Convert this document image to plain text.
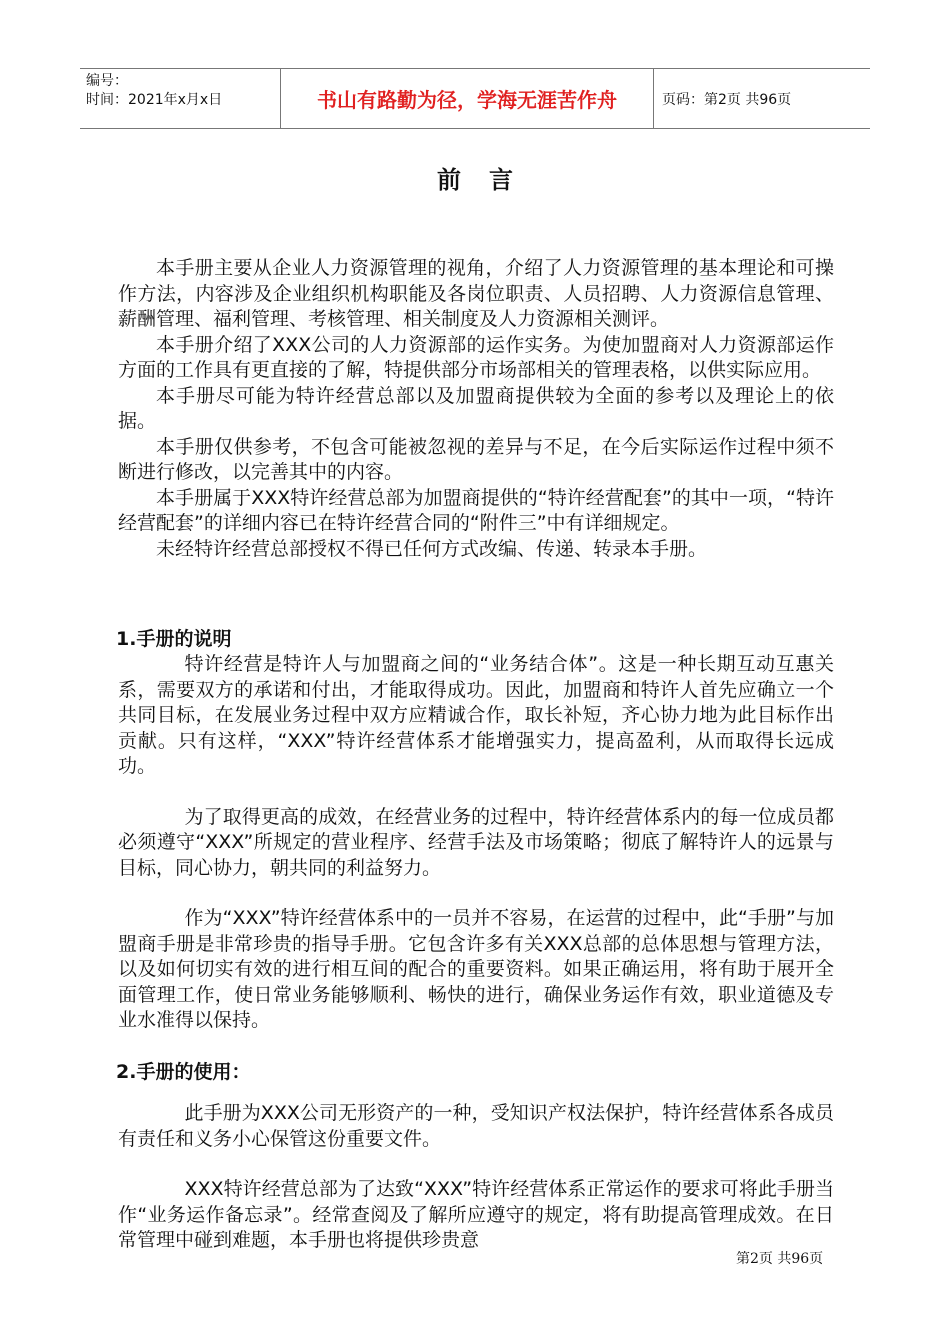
编号：
时间：2021年x月x日	书山有路勤为径，学海无涯苦作舟	页码：第2页 共96页
前言

本手册主要从企业人力资源管理的视角，介绍了人力资源管理的基本理论和可操作方法，内容涉及企业组织机构职能及各岗位职责、人员招聘、人力资源信息管理、薪酬管理、福利管理、考核管理、相关制度及人力资源相关测评。

本手册介绍了XXX公司的人力资源部的运作实务。为使加盟商对人力资源部运作方面的工作具有更直接的了解，特提供部分市场部相关的管理表格，以供实际应用。

本手册尽可能为特许经营总部以及加盟商提供较为全面的参考以及理论上的依据。

本手册仅供参考，不包含可能被忽视的差异与不足，在今后实际运作过程中须不断进行修改，以完善其中的内容。

本手册属于XXX特许经营总部为加盟商提供的“特许经营配套”的其中一项，“特许经营配套”的详细内容已在特许经营合同的“附件三”中有详细规定。

未经特许经营总部授权不得已任何方式改编、传递、转录本手册。

1.手册的说明

特许经营是特许人与加盟商之间的“业务结合体”。这是一种长期互动互惠关系，需要双方的承诺和付出，才能取得成功。因此，加盟商和特许人首先应确立一个共同目标，在发展业务过程中双方应精诚合作，取长补短，齐心协力地为此目标作出贡献。只有这样，“XXX”特许经营体系才能增强实力，提高盈利，从而取得长远成功。

为了取得更高的成效，在经营业务的过程中，特许经营体系内的每一位成员都必须遵守“XXX”所规定的营业程序、经营手法及市场策略；彻底了解特许人的远景与目标，同心协力，朝共同的利益努力。

作为“XXX”特许经营体系中的一员并不容易，在运营的过程中，此“手册”与加盟商手册是非常珍贵的指导手册。它包含许多有关XXX总部的总体思想与管理方法，以及如何切实有效的进行相互间的配合的重要资料。如果正确运用，将有助于展开全面管理工作，使日常业务能够顺利、畅快的进行，确保业务运作有效，职业道德及专业水准得以保持。

2.手册的使用：

此手册为XXX公司无形资产的一种，受知识产权法保护，特许经营体系各成员有责任和义务小心保管这份重要文件。

XXX特许经营总部为了达致“XXX”特许经营体系正常运作的要求可将此手册当作“业务运作备忘录”。经常查阅及了解所应遵守的规定，将有助提高管理成效。在日常管理中碰到难题，本手册也将提供珍贵意

第2页 共96页
